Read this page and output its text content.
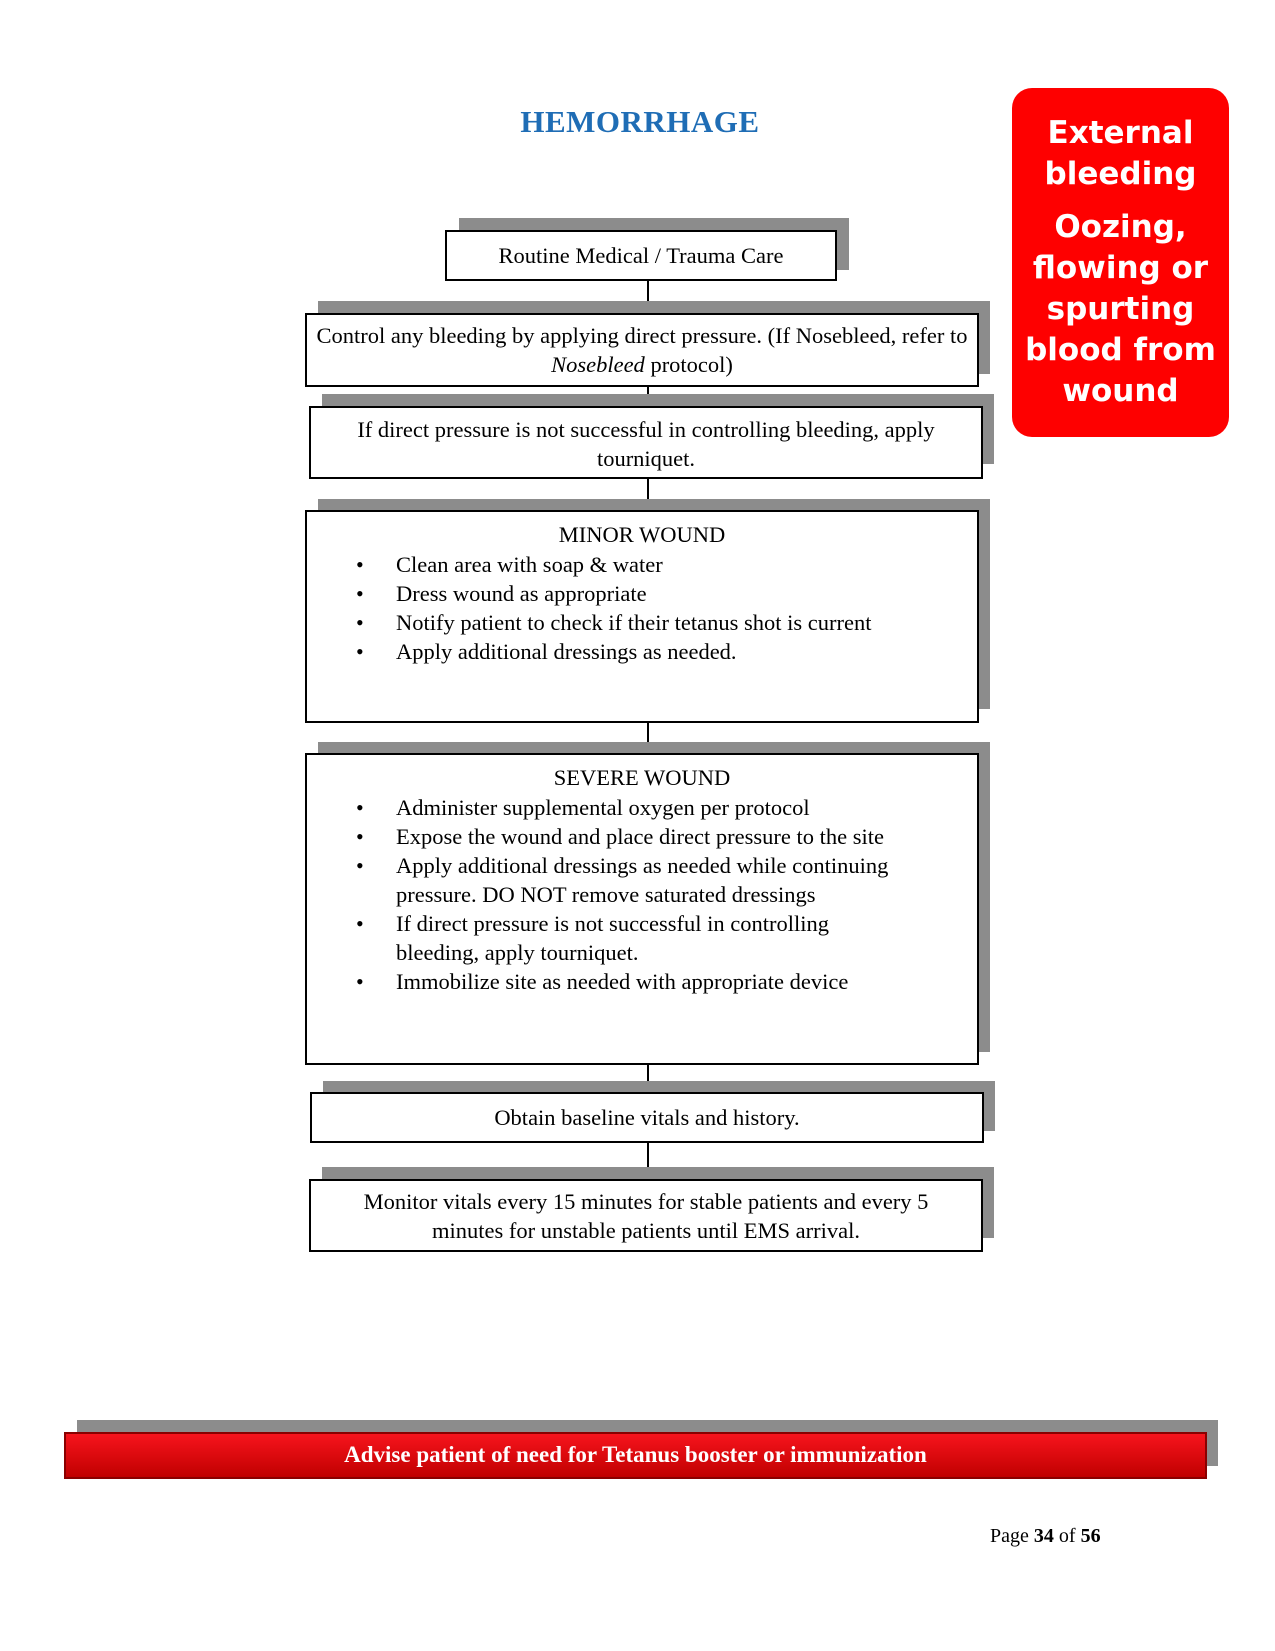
HEMORRHAGE	External bleeding
Oozing, flowing or spurting blood from wound
Routine Medical / Trauma Care
Control any bleeding by applying direct pressure. (If Nosebleed, refer to Nosebleed protocol)
If direct pressure is not successful in controlling bleeding, apply tourniquet.
MINOR WOUND
• Clean area with soap & water
• Dress wound as appropriate
• Notify patient to check if their tetanus shot is current
• Apply additional dressings as needed.
SEVERE WOUND
• Administer supplemental oxygen per protocol
• Expose the wound and place direct pressure to the site
• Apply additional dressings as needed while continuing pressure. DO NOT remove saturated dressings
• If direct pressure is not successful in controlling bleeding, apply tourniquet.
• Immobilize site as needed with appropriate device
Obtain baseline vitals and history.
Monitor vitals every 15 minutes for stable patients and every 5 minutes for unstable patients until EMS arrival.
Advise patient of need for Tetanus booster or immunization
Page 34 of 56
